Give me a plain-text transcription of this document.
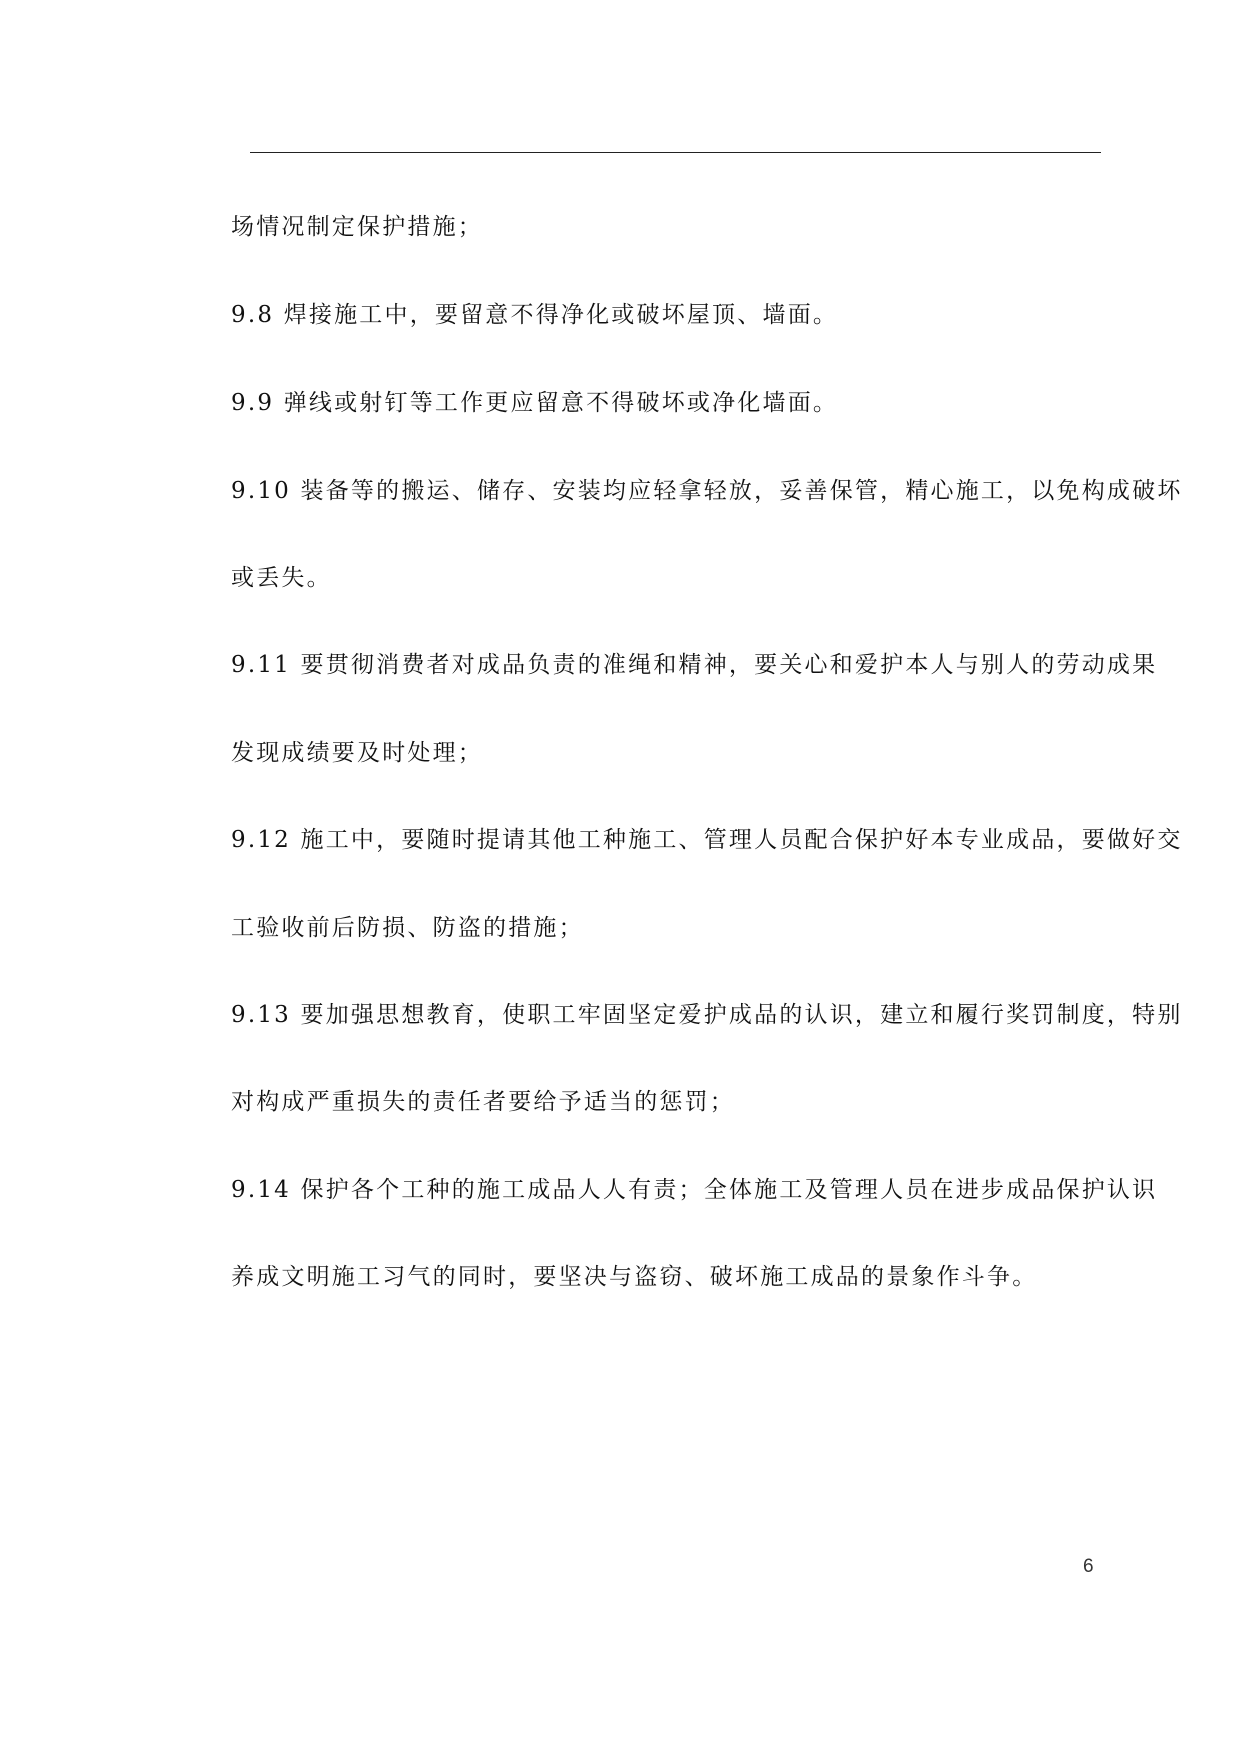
场情况制定保护措施；
9.8 焊接施工中，要留意不得净化或破坏屋顶、墙面。
9.9 弹线或射钉等工作更应留意不得破坏或净化墙面。
9.10 装备等的搬运、储存、安装均应轻拿轻放，妥善保管，精心施工，以免构成破坏
或丢失。
9.11 要贯彻消费者对成品负责的准绳和精神，要关心和爱护本人与别人的劳动成果
发现成绩要及时处理；
9.12 施工中，要随时提请其他工种施工、管理人员配合保护好本专业成品，要做好交
工验收前后防损、防盗的措施；
9.13 要加强思想教育，使职工牢固坚定爱护成品的认识，建立和履行奖罚制度，特别
对构成严重损失的责任者要给予适当的惩罚；
9.14 保护各个工种的施工成品人人有责；全体施工及管理人员在进步成品保护认识
养成文明施工习气的同时，要坚决与盗窃、破坏施工成品的景象作斗争。
6
